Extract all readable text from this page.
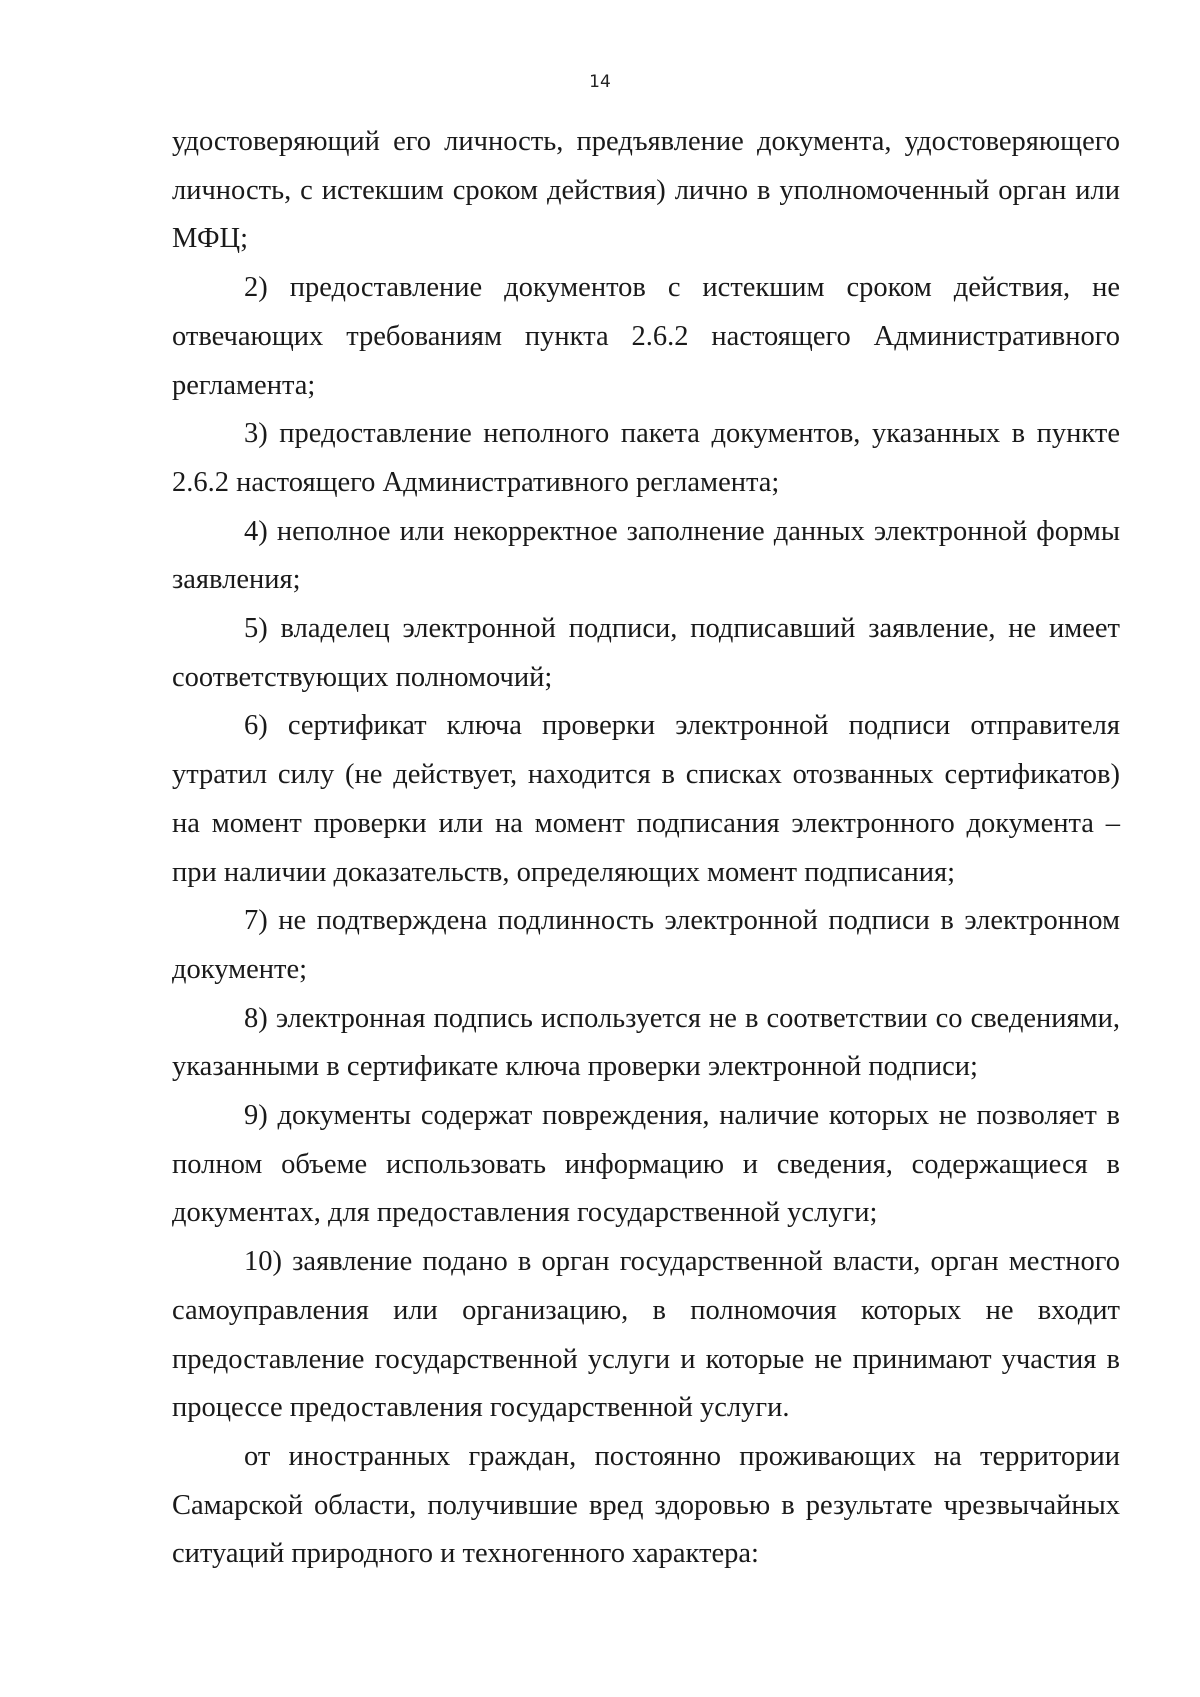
14

удостоверяющий его личность, предъявление документа, удостоверяющего личность, с истекшим сроком действия) лично в уполномоченный орган или МФЦ;

2) предоставление документов с истекшим сроком действия, не отвечающих требованиям пункта 2.6.2 настоящего Административного регламента;

3) предоставление неполного пакета документов, указанных в пункте 2.6.2 настоящего Административного регламента;

4) неполное или некорректное заполнение данных электронной формы заявления;

5) владелец электронной подписи, подписавший заявление, не имеет соответствующих полномочий;

6) сертификат ключа проверки электронной подписи отправителя утратил силу (не действует, находится в списках отозванных сертификатов) на момент проверки или на момент подписания электронного документа – при наличии доказательств, определяющих момент подписания;

7) не подтверждена подлинность электронной подписи в электронном документе;

8) электронная подпись используется не в соответствии со сведениями, указанными в сертификате ключа проверки электронной подписи;

9) документы содержат повреждения, наличие которых не позволяет в полном объеме использовать информацию и сведения, содержащиеся в документах, для предоставления государственной услуги;

10) заявление подано в орган государственной власти, орган местного самоуправления или организацию, в полномочия которых не входит предоставление государственной услуги и которые не принимают участия в процессе предоставления государственной услуги.

от иностранных граждан, постоянно проживающих на территории Самарской области, получившие вред здоровью в результате чрезвычайных ситуаций природного и техногенного характера:
